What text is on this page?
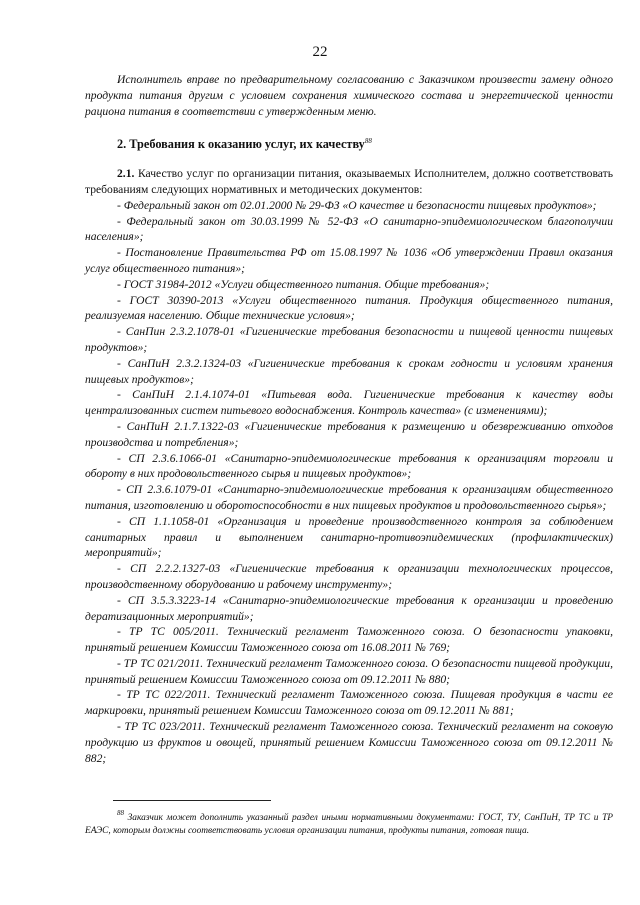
22

Исполнитель вправе по предварительному согласованию с Заказчиком произвести замену одного продукта питания другим с условием сохранения химического состава и энергетической ценности рациона питания в соответствии с утвержденным меню.

2. Требования к оказанию услуг, их качеству$^{88}$

2.1. Качество услуг по организации питания, оказываемых Исполнителем, должно соответствовать требованиям следующих нормативных и методических документов:

- Федеральный закон от 02.01.2000 № 29-ФЗ «О качестве и безопасности пищевых продуктов»;

- Федеральный закон от 30.03.1999 № 52-ФЗ «О санитарно-эпидемиологическом благополучии населения»;

- Постановление Правительства РФ от 15.08.1997 № 1036 «Об утверждении Правил оказания услуг общественного питания»;

- ГОСТ 31984-2012 «Услуги общественного питания. Общие требования»;

- ГОСТ 30390-2013 «Услуги общественного питания. Продукция общественного питания, реализуемая населению. Общие технические условия»;

- СанПин 2.3.2.1078-01 «Гигиенические требования безопасности и пищевой ценности пищевых продуктов»;

- СанПиН 2.3.2.1324-03 «Гигиенические требования к срокам годности и условиям хранения пищевых продуктов»;

- СанПиН 2.1.4.1074-01 «Питьевая вода. Гигиенические требования к качеству воды централизованных систем питьевого водоснабжения. Контроль качества» (с изменениями);

- СанПиН 2.1.7.1322-03 «Гигиенические требования к размещению и обезвреживанию отходов производства и потребления»;

- СП 2.3.6.1066-01 «Санитарно-эпидемиологические требования к организациям торговли и обороту в них продовольственного сырья и пищевых продуктов»;

- СП 2.3.6.1079-01 «Санитарно-эпидемиологические требования к организациям общественного питания, изготовлению и оборотоспособности в них пищевых продуктов и продовольственного сырья»;

- СП 1.1.1058-01 «Организация и проведение производственного контроля за соблюдением санитарных правил и выполнением санитарно-противоэпидемических (профилактических) мероприятий»;

- СП 2.2.2.1327-03 «Гигиенические требования к организации технологических процессов, производственному оборудованию и рабочему инструменту»;

- СП 3.5.3.3223-14 «Санитарно-эпидемиологические требования к организации и проведению дератизационных мероприятий»;

- ТР ТС 005/2011. Технический регламент Таможенного союза. О безопасности упаковки, принятый решением Комиссии Таможенного союза от 16.08.2011 № 769;

- ТР ТС 021/2011. Технический регламент Таможенного союза. О безопасности пищевой продукции, принятый решением Комиссии Таможенного союза от 09.12.2011 № 880;

- ТР ТС 022/2011. Технический регламент Таможенного союза. Пищевая продукция в части ее маркировки, принятый решением Комиссии Таможенного союза от 09.12.2011 № 881;

- ТР ТС 023/2011. Технический регламент Таможенного союза. Технический регламент на соковую продукцию из фруктов и овощей, принятый решением Комиссии Таможенного союза от 09.12.2011 № 882;

$^{88}$ Заказчик может дополнить указанный раздел иными нормативными документами: ГОСТ, ТУ, СанПиН, ТР ТС и ТР ЕАЭС, которым должны соответствовать условия организации питания, продукты питания, готовая пища.
